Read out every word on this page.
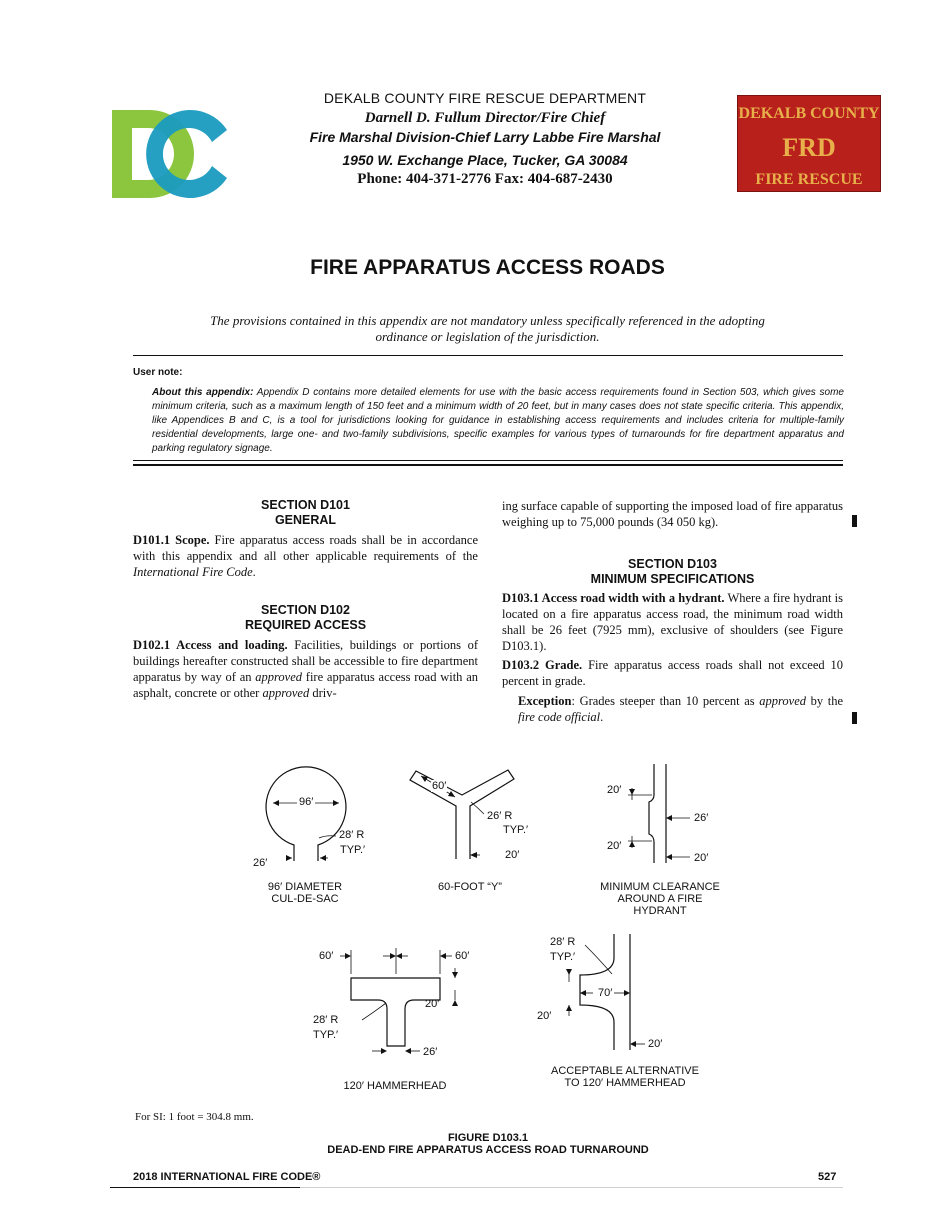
DEKALB COUNTY FIRE RESCUE DEPARTMENT
Darnell D. Fullum Director/Fire Chief
Fire Marshal Division-Chief Larry Labbe Fire Marshal
1950 W. Exchange Place, Tucker, GA 30084
Phone: 404-371-2776 Fax: 404-687-2430
DEKALB COUNTY
FRD
FIRE RESCUE
FIRE APPARATUS ACCESS ROADS
The provisions contained in this appendix are not mandatory unless specifically referenced in the adopting ordinance or legislation of the jurisdiction.
User note:
About this appendix: Appendix D contains more detailed elements for use with the basic access requirements found in Section 503, which gives some minimum criteria, such as a maximum length of 150 feet and a minimum width of 20 feet, but in many cases does not state specific criteria. This appendix, like Appendices B and C, is a tool for jurisdictions looking for guidance in establishing access requirements and includes criteria for multiple-family residential developments, large one- and two-family subdivisions, specific examples for various types of turnarounds for fire department apparatus and parking regulatory signage.
SECTION D101
GENERAL
D101.1 Scope. Fire apparatus access roads shall be in accordance with this appendix and all other applicable requirements of the International Fire Code.
SECTION D102
REQUIRED ACCESS
D102.1 Access and loading. Facilities, buildings or portions of buildings hereafter constructed shall be accessible to fire department apparatus by way of an approved fire apparatus access road with an asphalt, concrete or other approved driv-
ing surface capable of supporting the imposed load of fire apparatus weighing up to 75,000 pounds (34 050 kg).
SECTION D103
MINIMUM SPECIFICATIONS
D103.1 Access road width with a hydrant. Where a fire hydrant is located on a fire apparatus access road, the minimum road width shall be 26 feet (7925 mm), exclusive of shoulders (see Figure D103.1).
D103.2 Grade. Fire apparatus access roads shall not exceed 10 percent in grade.
Exception: Grades steeper than 10 percent as approved by the fire code official.
96′
28′ R
TYP.′
26′
96′ DIAMETER
CUL-DE-SAC
60′
26′ R
TYP.′
20′
60-FOOT “Y”
20′
26′
20′
20′
MINIMUM CLEARANCE
AROUND A FIRE
HYDRANT
60′	60′
20′
28′ R
TYP.′
26′
120′ HAMMERHEAD
28′ R
TYP.′
70′
20′
20′
ACCEPTABLE ALTERNATIVE
TO 120′ HAMMERHEAD
For SI: 1 foot = 304.8 mm.
FIGURE D103.1
DEAD-END FIRE APPARATUS ACCESS ROAD TURNAROUND
2018 INTERNATIONAL FIRE CODE®	527
